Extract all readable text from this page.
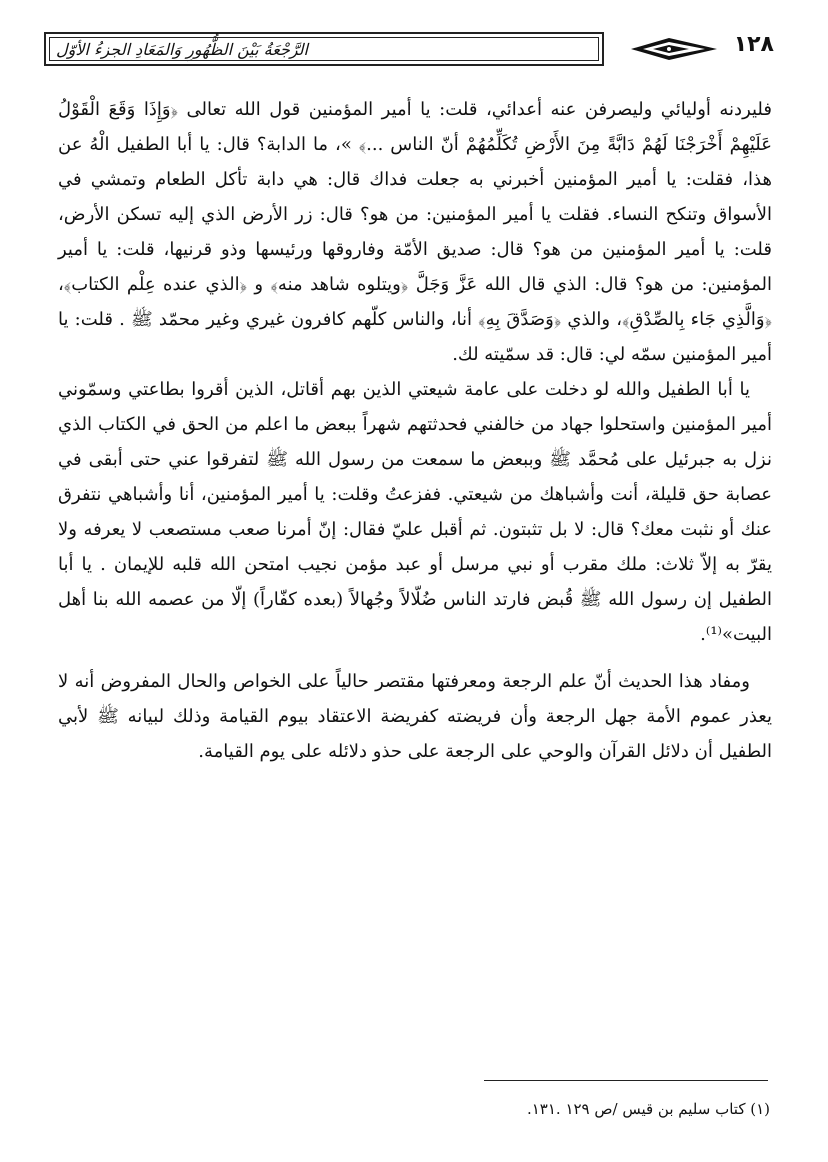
الرَّجْعَةُ بَيْنَ الظُّهُورِ وَالمَعَادِ الجزءُ الأوّل	١٢٨

فليردنه أوليائي وليصرفن عنه أعدائي، قلت: يا أمير المؤمنين قول الله تعالى ﴿وَإِذَا وَقَعَ الْقَوْلُ عَلَيْهِمْ أَخْرَجْنَا لَهُمْ دَابَّةً مِنَ الأَرْضِ تُكَلِّمُهُمْ أنّ الناس ...﴾ »، ما الدابة؟ قال: يا أبا الطفيل الْهُ عن هذا، فقلت: يا أمير المؤمنين أخبرني به جعلت فداك قال: هي دابة تأكل الطعام وتمشي في الأسواق وتنكح النساء. فقلت يا أمير المؤمنين: من هو؟ قال: زر الأرض الذي إليه تسكن الأرض، قلت: يا أمير المؤمنين من هو؟ قال: صديق الأمّة وفاروقها ورئيسها وذو قرنيها، قلت: يا أمير المؤمنين: من هو؟ قال: الذي قال الله عَزَّ وَجَلَّ ﴿ويتلوه شاهد منه﴾ و ﴿الذي عنده عِلْم الكتاب﴾، ﴿وَالَّذِي جَاء بِالصِّدْقِ﴾، والذي ﴿وَصَدَّقَ بِهِ﴾ أنا، والناس كلّهم كافرون غيري وغير محمّد ﷺ . قلت: يا أمير المؤمنين سمّه لي: قال: قد سمّيته لك.

يا أبا الطفيل والله لو دخلت على عامة شيعتي الذين بهم أقاتل، الذين أقروا بطاعتي وسمّوني أمير المؤمنين واستحلوا جهاد من خالفني فحدثتهم شهراً ببعض ما اعلم من الحق في الكتاب الذي نزل به جبرئيل على مُحمَّد ﷺ وببعض ما سمعت من رسول الله ﷺ لتفرقوا عني حتى أبقى في عصابة حق قليلة، أنت وأشباهك من شيعتي. ففزعتُ وقلت: يا أمير المؤمنين، أنا وأشباهي نتفرق عنك أو نثبت معك؟ قال: لا بل تثبتون. ثم أقبل عليّ فقال: إنّ أمرنا صعب مستصعب لا يعرفه ولا يقرّ به إلاّ ثلاث: ملك مقرب أو نبي مرسل أو عبد مؤمن نجيب امتحن الله قلبه للإيمان . يا أبا الطفيل إن رسول الله ﷺ قُبض فارتد الناس ضُلّالاً وجُهالاً (بعده كفّاراً) إلّا من عصمه الله بنا أهل البيت»⁽¹⁾.

ومفاد هذا الحديث أنّ علم الرجعة ومعرفتها مقتصر حالياً على الخواص والحال المفروض أنه لا يعذر عموم الأمة جهل الرجعة وأن فريضته كفريضة الاعتقاد بيوم القيامة وذلك لبيانه ﷺ لأبي الطفيل أن دلائل القرآن والوحي على الرجعة على حذو دلائله على يوم القيامة.

(١) كتاب سليم بن قيس /ص ١٢٩ .١٣١.
